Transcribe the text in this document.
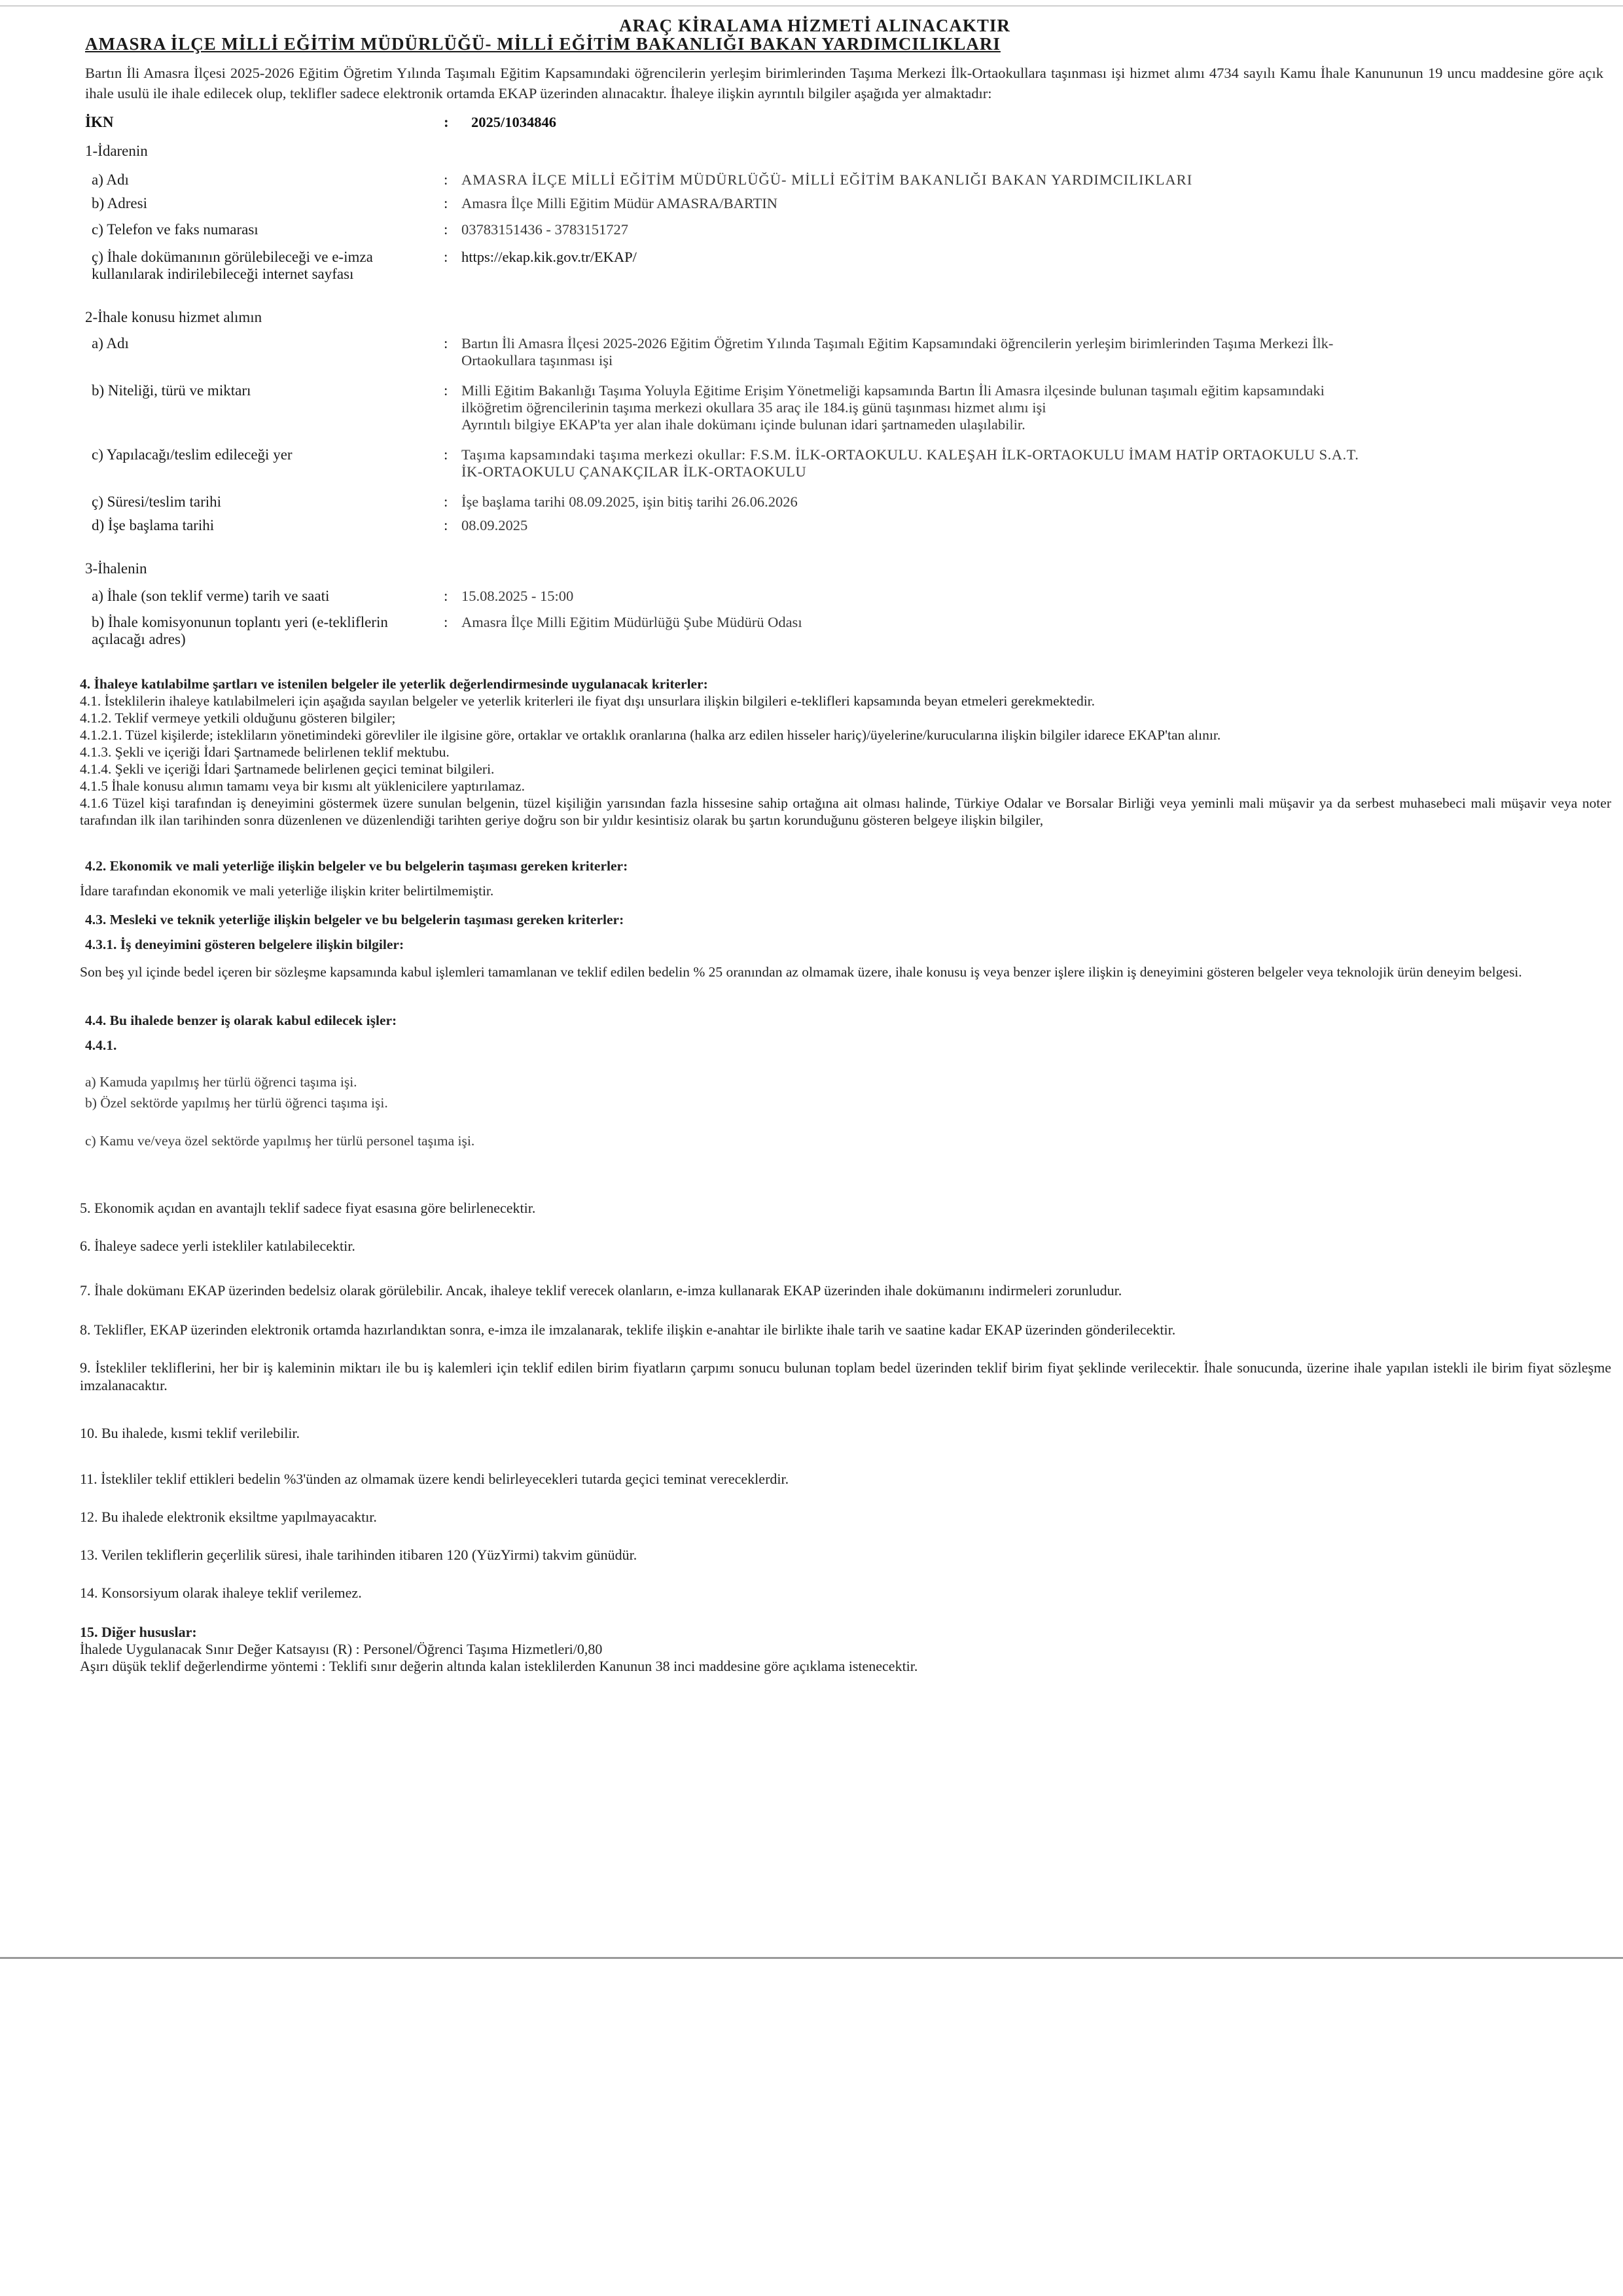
ARAÇ KİRALAMA HİZMETİ ALINACAKTIR
AMASRA İLÇE MİLLİ EĞİTİM MÜDÜRLÜĞÜ- MİLLİ EĞİTİM BAKANLIĞI BAKAN YARDIMCILIKLARI
Bartın İli Amasra İlçesi 2025-2026 Eğitim Öğretim Yılında Taşımalı Eğitim Kapsamındaki öğrencilerin yerleşim birimlerinden Taşıma Merkezi İlk-Ortaokullara taşınması işi hizmet alımı 4734 sayılı Kamu İhale Kanununun 19 uncu maddesine göre açık ihale usulü ile ihale edilecek olup, teklifler sadece elektronik ortamda EKAP üzerinden alınacaktır. İhaleye ilişkin ayrıntılı bilgiler aşağıda yer almaktadır:
İKN	:	2025/1034846
1-İdarenin
a) Adı	: AMASRA İLÇE MİLLİ EĞİTİM MÜDÜRLÜĞÜ- MİLLİ EĞİTİM BAKANLIĞI BAKAN YARDIMCILIKLARI
b) Adresi	: Amasra İlçe Milli Eğitim Müdür AMASRA/BARTIN
c) Telefon ve faks numarası	: 03783151436 - 3783151727
ç) İhale dokümanının görülebileceği ve e-imza
kullanılarak indirilebileceği internet sayfası
: https://ekap.kik.gov.tr/EKAP/
2-İhale konusu hizmet alımın
a) Adı	: Bartın İli Amasra İlçesi 2025-2026 Eğitim Öğretim Yılında Taşımalı Eğitim Kapsamındaki öğrencilerin yerleşim birimlerinden Taşıma Merkezi İlk-
Ortaokullara taşınması işi
b) Niteliği, türü ve miktarı	: Milli Eğitim Bakanlığı Taşıma Yoluyla Eğitime Erişim Yönetmeliği kapsamında Bartın İli Amasra ilçesinde bulunan taşımalı eğitim kapsamındaki
ilköğretim öğrencilerinin taşıma merkezi okullara 35 araç ile 184.iş günü taşınması hizmet alımı işi
Ayrıntılı bilgiye EKAP'ta yer alan ihale dokümanı içinde bulunan idari şartnameden ulaşılabilir.
c) Yapılacağı/teslim edileceği yer	: Taşıma kapsamındaki taşıma merkezi okullar: F.S.M. İLK-ORTAOKULU. KALEŞAH İLK-ORTAOKULU İMAM HATİP ORTAOKULU S.A.T.
İK-ORTAOKULU ÇANAKÇILAR İLK-ORTAOKULU
ç) Süresi/teslim tarihi	: İşe başlama tarihi 08.09.2025, işin bitiş tarihi 26.06.2026
d) İşe başlama tarihi	: 08.09.2025
3-İhalenin
a) İhale (son teklif verme) tarih ve saati	: 15.08.2025 - 15:00
b) İhale komisyonunun toplantı yeri (e-tekliflerin
açılacağı adres)
: Amasra İlçe Milli Eğitim Müdürlüğü Şube Müdürü Odası
4. İhaleye katılabilme şartları ve istenilen belgeler ile yeterlik değerlendirmesinde uygulanacak kriterler:
4.1. İsteklilerin ihaleye katılabilmeleri için aşağıda sayılan belgeler ve yeterlik kriterleri ile fiyat dışı unsurlara ilişkin bilgileri e-teklifleri kapsamında beyan etmeleri gerekmektedir.
4.1.2. Teklif vermeye yetkili olduğunu gösteren bilgiler;
4.1.2.1. Tüzel kişilerde; istekliların yönetimindeki görevliler ile ilgisine göre, ortaklar ve ortaklık oranlarına (halka arz edilen hisseler hariç)/üyelerine/kurucularına ilişkin bilgiler idarece EKAP'tan alınır.
4.1.3. Şekli ve içeriği İdari Şartnamede belirlenen teklif mektubu.
4.1.4. Şekli ve içeriği İdari Şartnamede belirlenen geçici teminat bilgileri.
4.1.5 İhale konusu alımın tamamı veya bir kısmı alt yüklenicilere yaptırılamaz.
4.1.6 Tüzel kişi tarafından iş deneyimini göstermek üzere sunulan belgenin, tüzel kişiliğin yarısından fazla hissesine sahip ortağına ait olması halinde, Türkiye Odalar ve Borsalar Birliği veya yeminli mali müşavir ya da serbest muhasebeci mali müşavir veya noter tarafından ilk ilan tarihinden sonra düzenlenen ve düzenlendiği tarihten geriye doğru son bir yıldır kesintisiz olarak bu şartın korunduğunu gösteren belgeye ilişkin bilgiler,
4.2. Ekonomik ve mali yeterliğe ilişkin belgeler ve bu belgelerin taşıması gereken kriterler:
İdare tarafından ekonomik ve mali yeterliğe ilişkin kriter belirtilmemiştir.
4.3. Mesleki ve teknik yeterliğe ilişkin belgeler ve bu belgelerin taşıması gereken kriterler:
4.3.1. İş deneyimini gösteren belgelere ilişkin bilgiler:
Son beş yıl içinde bedel içeren bir sözleşme kapsamında kabul işlemleri tamamlanan ve teklif edilen bedelin % 25 oranından az olmamak üzere, ihale konusu iş veya benzer işlere ilişkin iş deneyimini gösteren belgeler veya teknolojik ürün deneyim belgesi.
4.4. Bu ihalede benzer iş olarak kabul edilecek işler:
4.4.1.
a) Kamuda yapılmış her türlü öğrenci taşıma işi.
b) Özel sektörde yapılmış her türlü öğrenci taşıma işi.
c) Kamu ve/veya özel sektörde yapılmış her türlü personel taşıma işi.
5. Ekonomik açıdan en avantajlı teklif sadece fiyat esasına göre belirlenecektir.
6. İhaleye sadece yerli istekliler katılabilecektir.
7. İhale dokümanı EKAP üzerinden bedelsiz olarak görülebilir. Ancak, ihaleye teklif verecek olanların, e-imza kullanarak EKAP üzerinden ihale dokümanını indirmeleri zorunludur.
8. Teklifler, EKAP üzerinden elektronik ortamda hazırlandıktan sonra, e-imza ile imzalanarak, teklife ilişkin e-anahtar ile birlikte ihale tarih ve saatine kadar EKAP üzerinden gönderilecektir.
9. İstekliler tekliflerini, her bir iş kaleminin miktarı ile bu iş kalemleri için teklif edilen birim fiyatların çarpımı sonucu bulunan toplam bedel üzerinden teklif birim fiyat şeklinde verilecektir. İhale sonucunda, üzerine ihale yapılan istekli ile birim fiyat sözleşme imzalanacaktır.
10. Bu ihalede, kısmi teklif verilebilir.
11. İstekliler teklif ettikleri bedelin %3'ünden az olmamak üzere kendi belirleyecekleri tutarda geçici teminat vereceklerdir.
12. Bu ihalede elektronik eksiltme yapılmayacaktır.
13. Verilen tekliflerin geçerlilik süresi, ihale tarihinden itibaren 120 (YüzYirmi) takvim günüdür.
14. Konsorsiyum olarak ihaleye teklif verilemez.
15. Diğer hususlar:
İhalede Uygulanacak Sınır Değer Katsayısı (R) : Personel/Öğrenci Taşıma Hizmetleri/0,80
Aşırı düşük teklif değerlendirme yöntemi : Teklifi sınır değerin altında kalan isteklilerden Kanunun 38 inci maddesine göre açıklama istenecektir.
